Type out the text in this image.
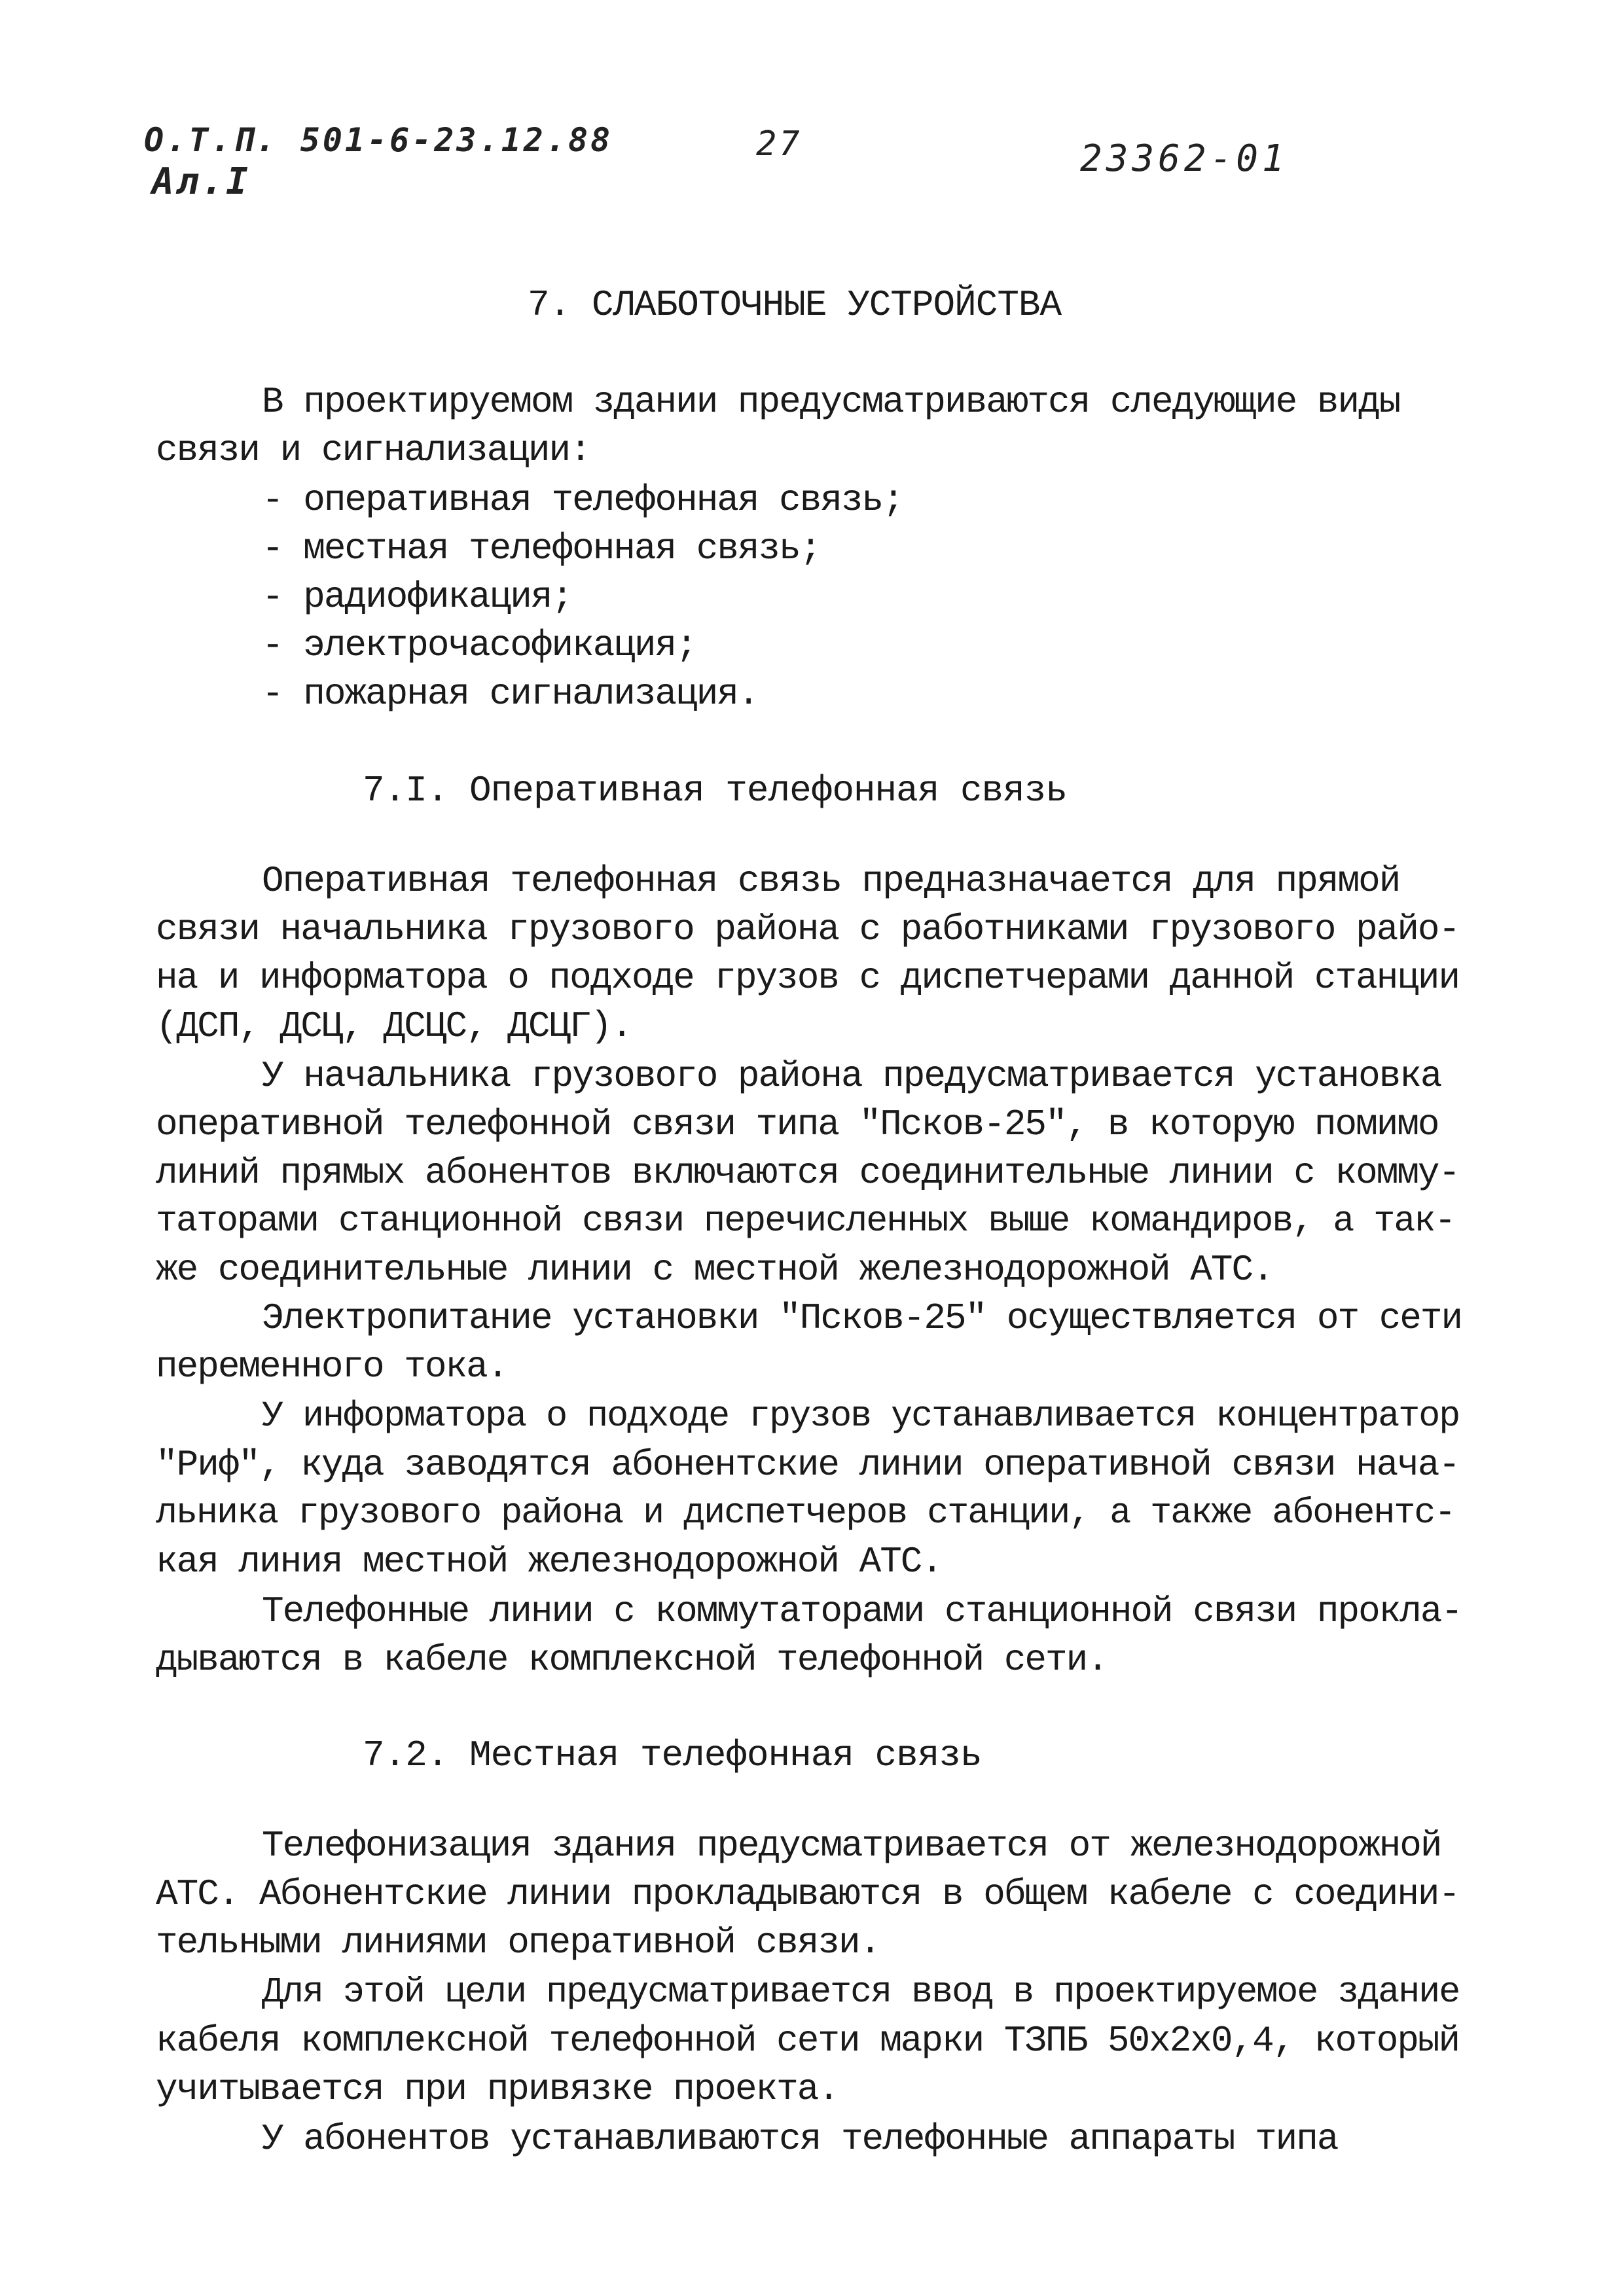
О.Т.П. 501-6-23.12.88
Ал.I
27	23362-01
7. СЛАБОТОЧНЫЕ УСТРОЙСТВА
В проектируемом здании предусматриваются следующие виды
связи и сигнализации:
- оперативная телефонная связь;
- местная телефонная связь;
- радиофикация;
- электрочасофикация;
- пожарная сигнализация.
7.I. Оперативная телефонная связь
Оперативная телефонная связь предназначается для прямой
связи начальника грузового района с работниками грузового райо-
на и информатора о подходе грузов с диспетчерами данной станции
(ДСП, ДСЦ, ДСЦС, ДСЦГ).
У начальника грузового района предусматривается установка
оперативной телефонной связи типа "Псков-25", в которую помимо
линий прямых абонентов включаются соединительные линии с комму-
таторами станционной связи перечисленных выше командиров, а так-
же соединительные линии с местной железнодорожной АТС.
Электропитание установки "Псков-25" осуществляется от сети
переменного тока.
У информатора о подходе грузов устанавливается концентратор
"Риф", куда заводятся абонентские линии оперативной связи нача-
льника грузового района и диспетчеров станции, а также абонентс-
кая линия местной железнодорожной АТС.
Телефонные линии с коммутаторами станционной связи прокла-
дываются в кабеле комплексной телефонной сети.
7.2. Местная телефонная связь
Телефонизация здания предусматривается от железнодорожной
АТС. Абонентские линии прокладываются в общем кабеле с соедини-
тельными линиями оперативной связи.
Для этой цели предусматривается ввод в проектируемое здание
кабеля комплексной телефонной сети марки ТЗПБ 50х2х0,4, который
учитывается при привязке проекта.
У абонентов устанавливаются телефонные аппараты типа
